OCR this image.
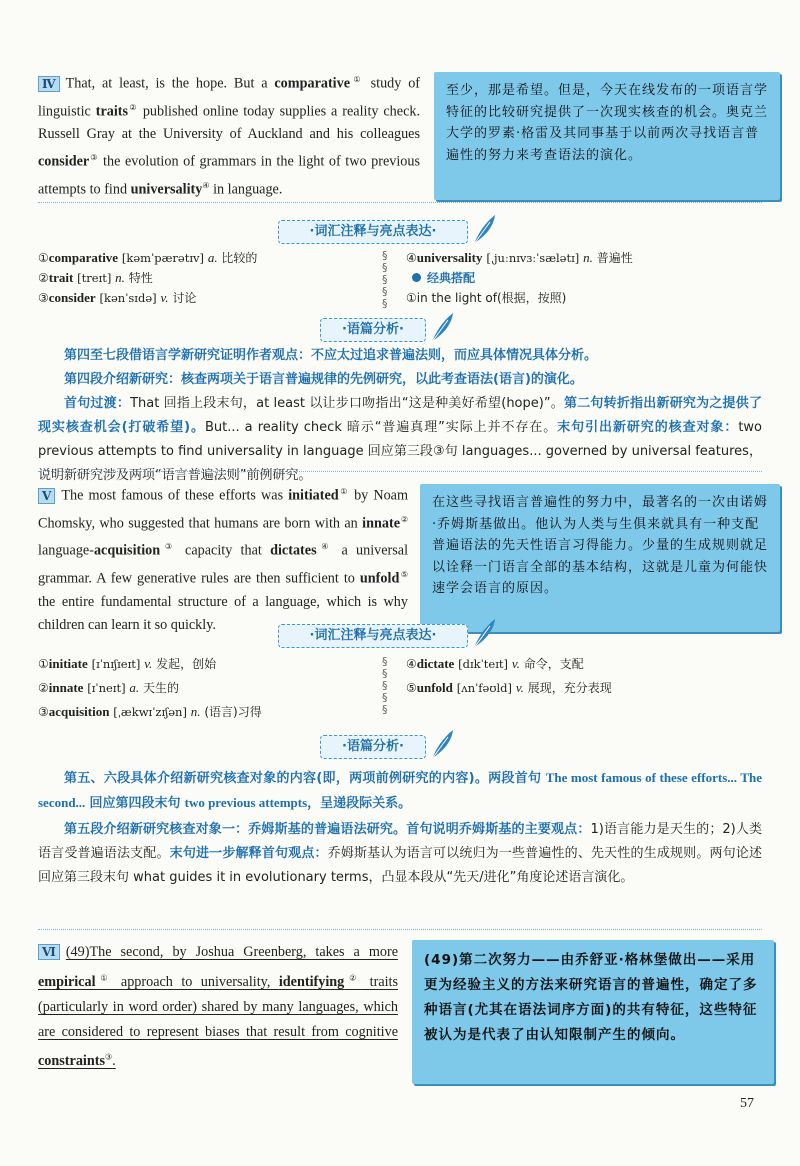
Ⅳ That, at least, is the hope. But a comparative① study of linguistic traits② published online today supplies a reality check. Russell Gray at the University of Auckland and his colleagues consider③ the evolution of grammars in the light of two previous attempts to find universality④ in language.
至少，那是希望。但是，今天在线发布的一项语言学特征的比较研究提供了一次现实核查的机会。奥克兰大学的罗素·格雷及其同事基于以前两次寻找语言普遍性的努力来考查语法的演化。
·词汇注释与亮点表达·
①comparative [kəmˈpærətɪv] a. 比较的
②trait [treɪt] n. 特性
③consider [kənˈsɪdə] v. 讨论
§
§
§
§
§
④universality [ˌjuːnɪvɜːˈsælətɪ] n. 普遍性
经典搭配
①in the light of(根据，按照)
·语篇分析·
第四至七段借语言学新研究证明作者观点：不应太过追求普遍法则，而应具体情况具体分析。
第四段介绍新研究：核查两项关于语言普遍规律的先例研究，以此考查语法(语言)的演化。
首句过渡：That 回指上段末句，at least 以让步口吻指出“这是种美好希望(hope)”。第二句转折指出新研究为之提供了现实核查机会(打破希望)。But... a reality check 暗示“普遍真理”实际上并不存在。末句引出新研究的核查对象：two previous attempts to find universality in language 回应第三段③句 languages... governed by universal features，说明新研究涉及两项“语言普遍法则”前例研究。
Ⅴ The most famous of these efforts was initiated① by Noam Chomsky, who suggested that humans are born with an innate② language-acquisition③ capacity that dictates④ a universal grammar. A few generative rules are then sufficient to unfold⑤ the entire fundamental structure of a language, which is why children can learn it so quickly.
在这些寻找语言普遍性的努力中，最著名的一次由诺姆·乔姆斯基做出。他认为人类与生俱来就具有一种支配普遍语法的先天性语言习得能力。少量的生成规则就足以诠释一门语言全部的基本结构，这就是儿童为何能快速学会语言的原因。
·词汇注释与亮点表达·
①initiate [ɪˈnɪʃɪeɪt] v. 发起，创始
②innate [ɪˈneɪt] a. 天生的
③acquisition [ˌækwɪˈzɪʃən] n. (语言)习得
§
§
§
§
§
④dictate [dɪkˈteɪt] v. 命令，支配
⑤unfold [ʌnˈfəʊld] v. 展现，充分表现
·语篇分析·
第五、六段具体介绍新研究核查对象的内容(即，两项前例研究的内容)。两段首句 The most famous of these efforts... The second... 回应第四段末句 two previous attempts，呈递段际关系。
第五段介绍新研究核查对象一：乔姆斯基的普遍语法研究。首句说明乔姆斯基的主要观点：1)语言能力是天生的；2)人类语言受普遍语法支配。末句进一步解释首句观点：乔姆斯基认为语言可以统归为一些普遍性的、先天性的生成规则。两句论述回应第三段末句 what guides it in evolutionary terms，凸显本段从“先天/进化”角度论述语言演化。
Ⅵ (49)The second, by Joshua Greenberg, takes a more empirical① approach to universality, identifying② traits (particularly in word order) shared by many languages, which are considered to represent biases that result from cognitive constraints③.
(49)第二次努力——由乔舒亚·格林堡做出——采用更为经验主义的方法来研究语言的普遍性，确定了多种语言(尤其在语法词序方面)的共有特征，这些特征被认为是代表了由认知限制产生的倾向。
57
